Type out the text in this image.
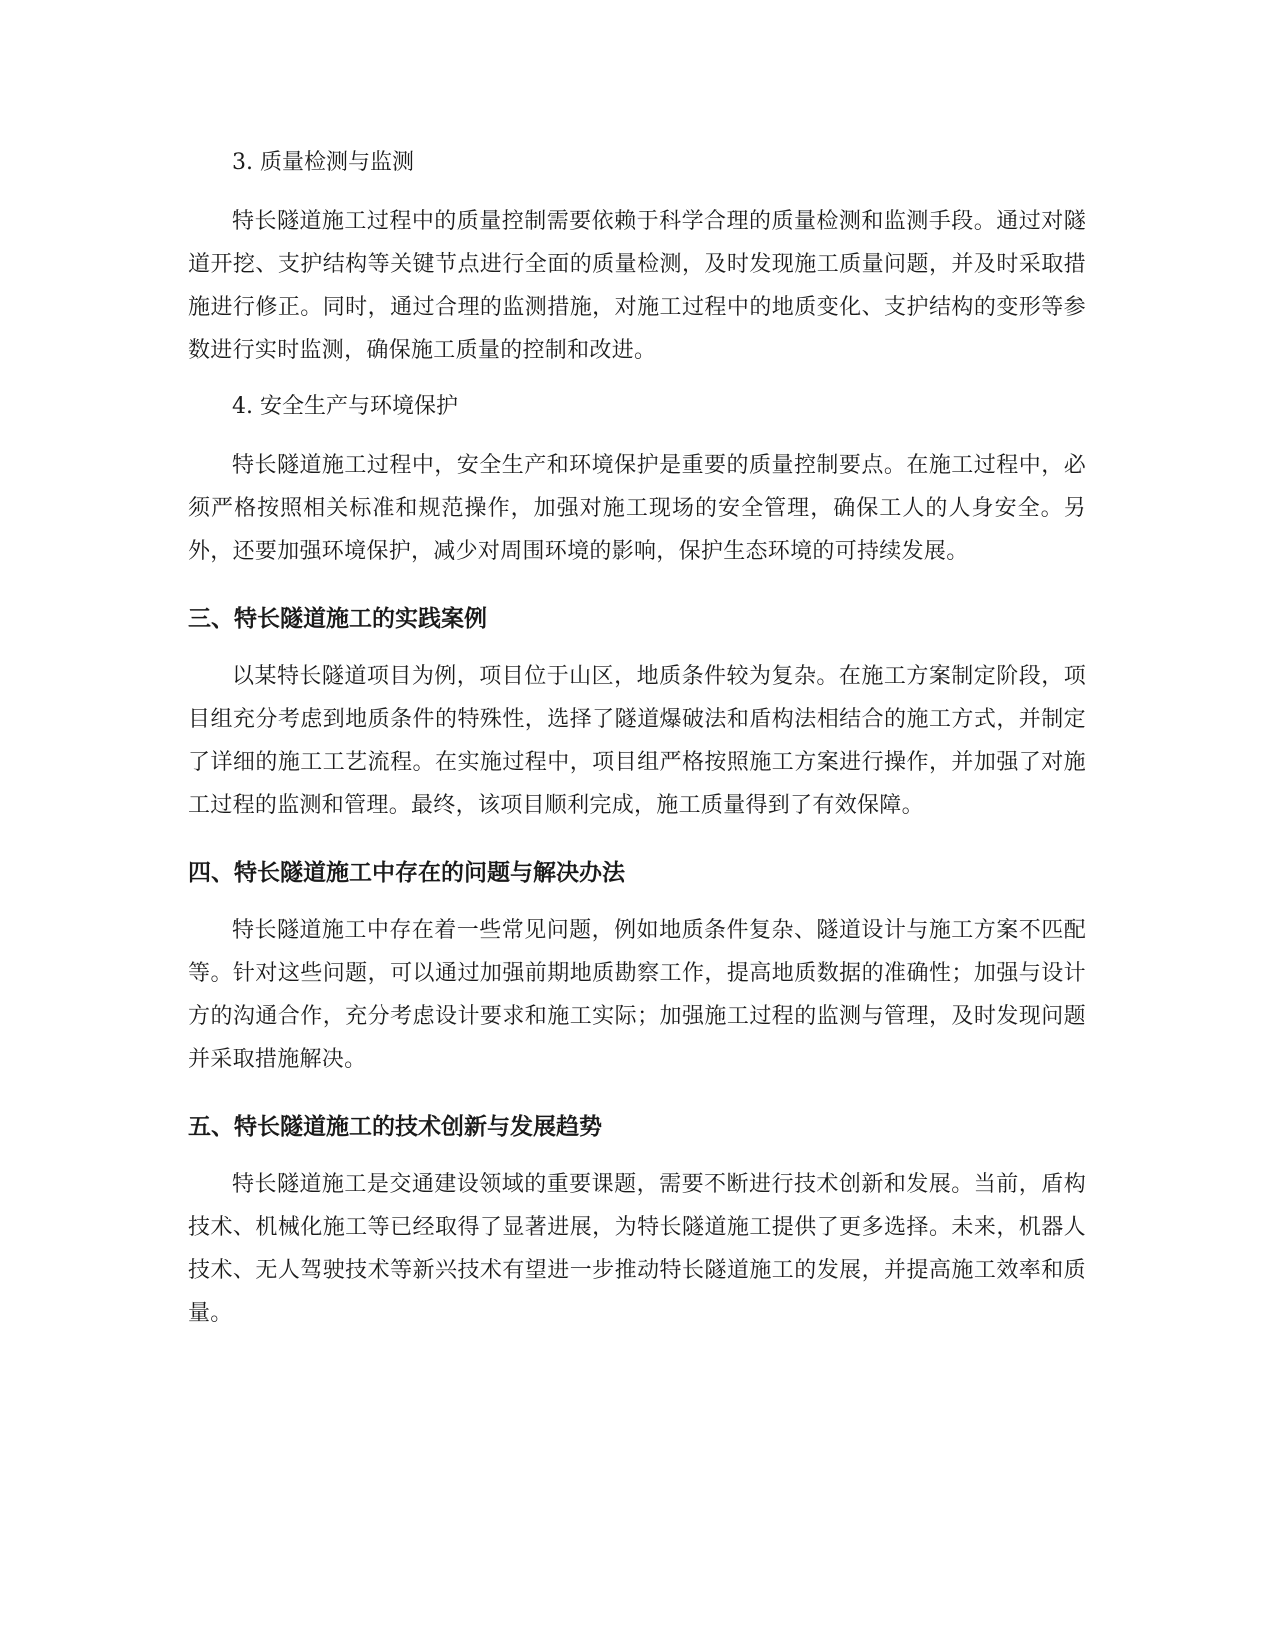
3. 质量检测与监测

特长隧道施工过程中的质量控制需要依赖于科学合理的质量检测和监测手段。通过对隧道开挖、支护结构等关键节点进行全面的质量检测，及时发现施工质量问题，并及时采取措施进行修正。同时，通过合理的监测措施，对施工过程中的地质变化、支护结构的变形等参数进行实时监测，确保施工质量的控制和改进。

4. 安全生产与环境保护

特长隧道施工过程中，安全生产和环境保护是重要的质量控制要点。在施工过程中，必须严格按照相关标准和规范操作，加强对施工现场的安全管理，确保工人的人身安全。另外，还要加强环境保护，减少对周围环境的影响，保护生态环境的可持续发展。

三、特长隧道施工的实践案例

以某特长隧道项目为例，项目位于山区，地质条件较为复杂。在施工方案制定阶段，项目组充分考虑到地质条件的特殊性，选择了隧道爆破法和盾构法相结合的施工方式，并制定了详细的施工工艺流程。在实施过程中，项目组严格按照施工方案进行操作，并加强了对施工过程的监测和管理。最终，该项目顺利完成，施工质量得到了有效保障。

四、特长隧道施工中存在的问题与解决办法

特长隧道施工中存在着一些常见问题，例如地质条件复杂、隧道设计与施工方案不匹配等。针对这些问题，可以通过加强前期地质勘察工作，提高地质数据的准确性；加强与设计方的沟通合作，充分考虑设计要求和施工实际；加强施工过程的监测与管理，及时发现问题并采取措施解决。

五、特长隧道施工的技术创新与发展趋势

特长隧道施工是交通建设领域的重要课题，需要不断进行技术创新和发展。当前，盾构技术、机械化施工等已经取得了显著进展，为特长隧道施工提供了更多选择。未来，机器人技术、无人驾驶技术等新兴技术有望进一步推动特长隧道施工的发展，并提高施工效率和质量。
